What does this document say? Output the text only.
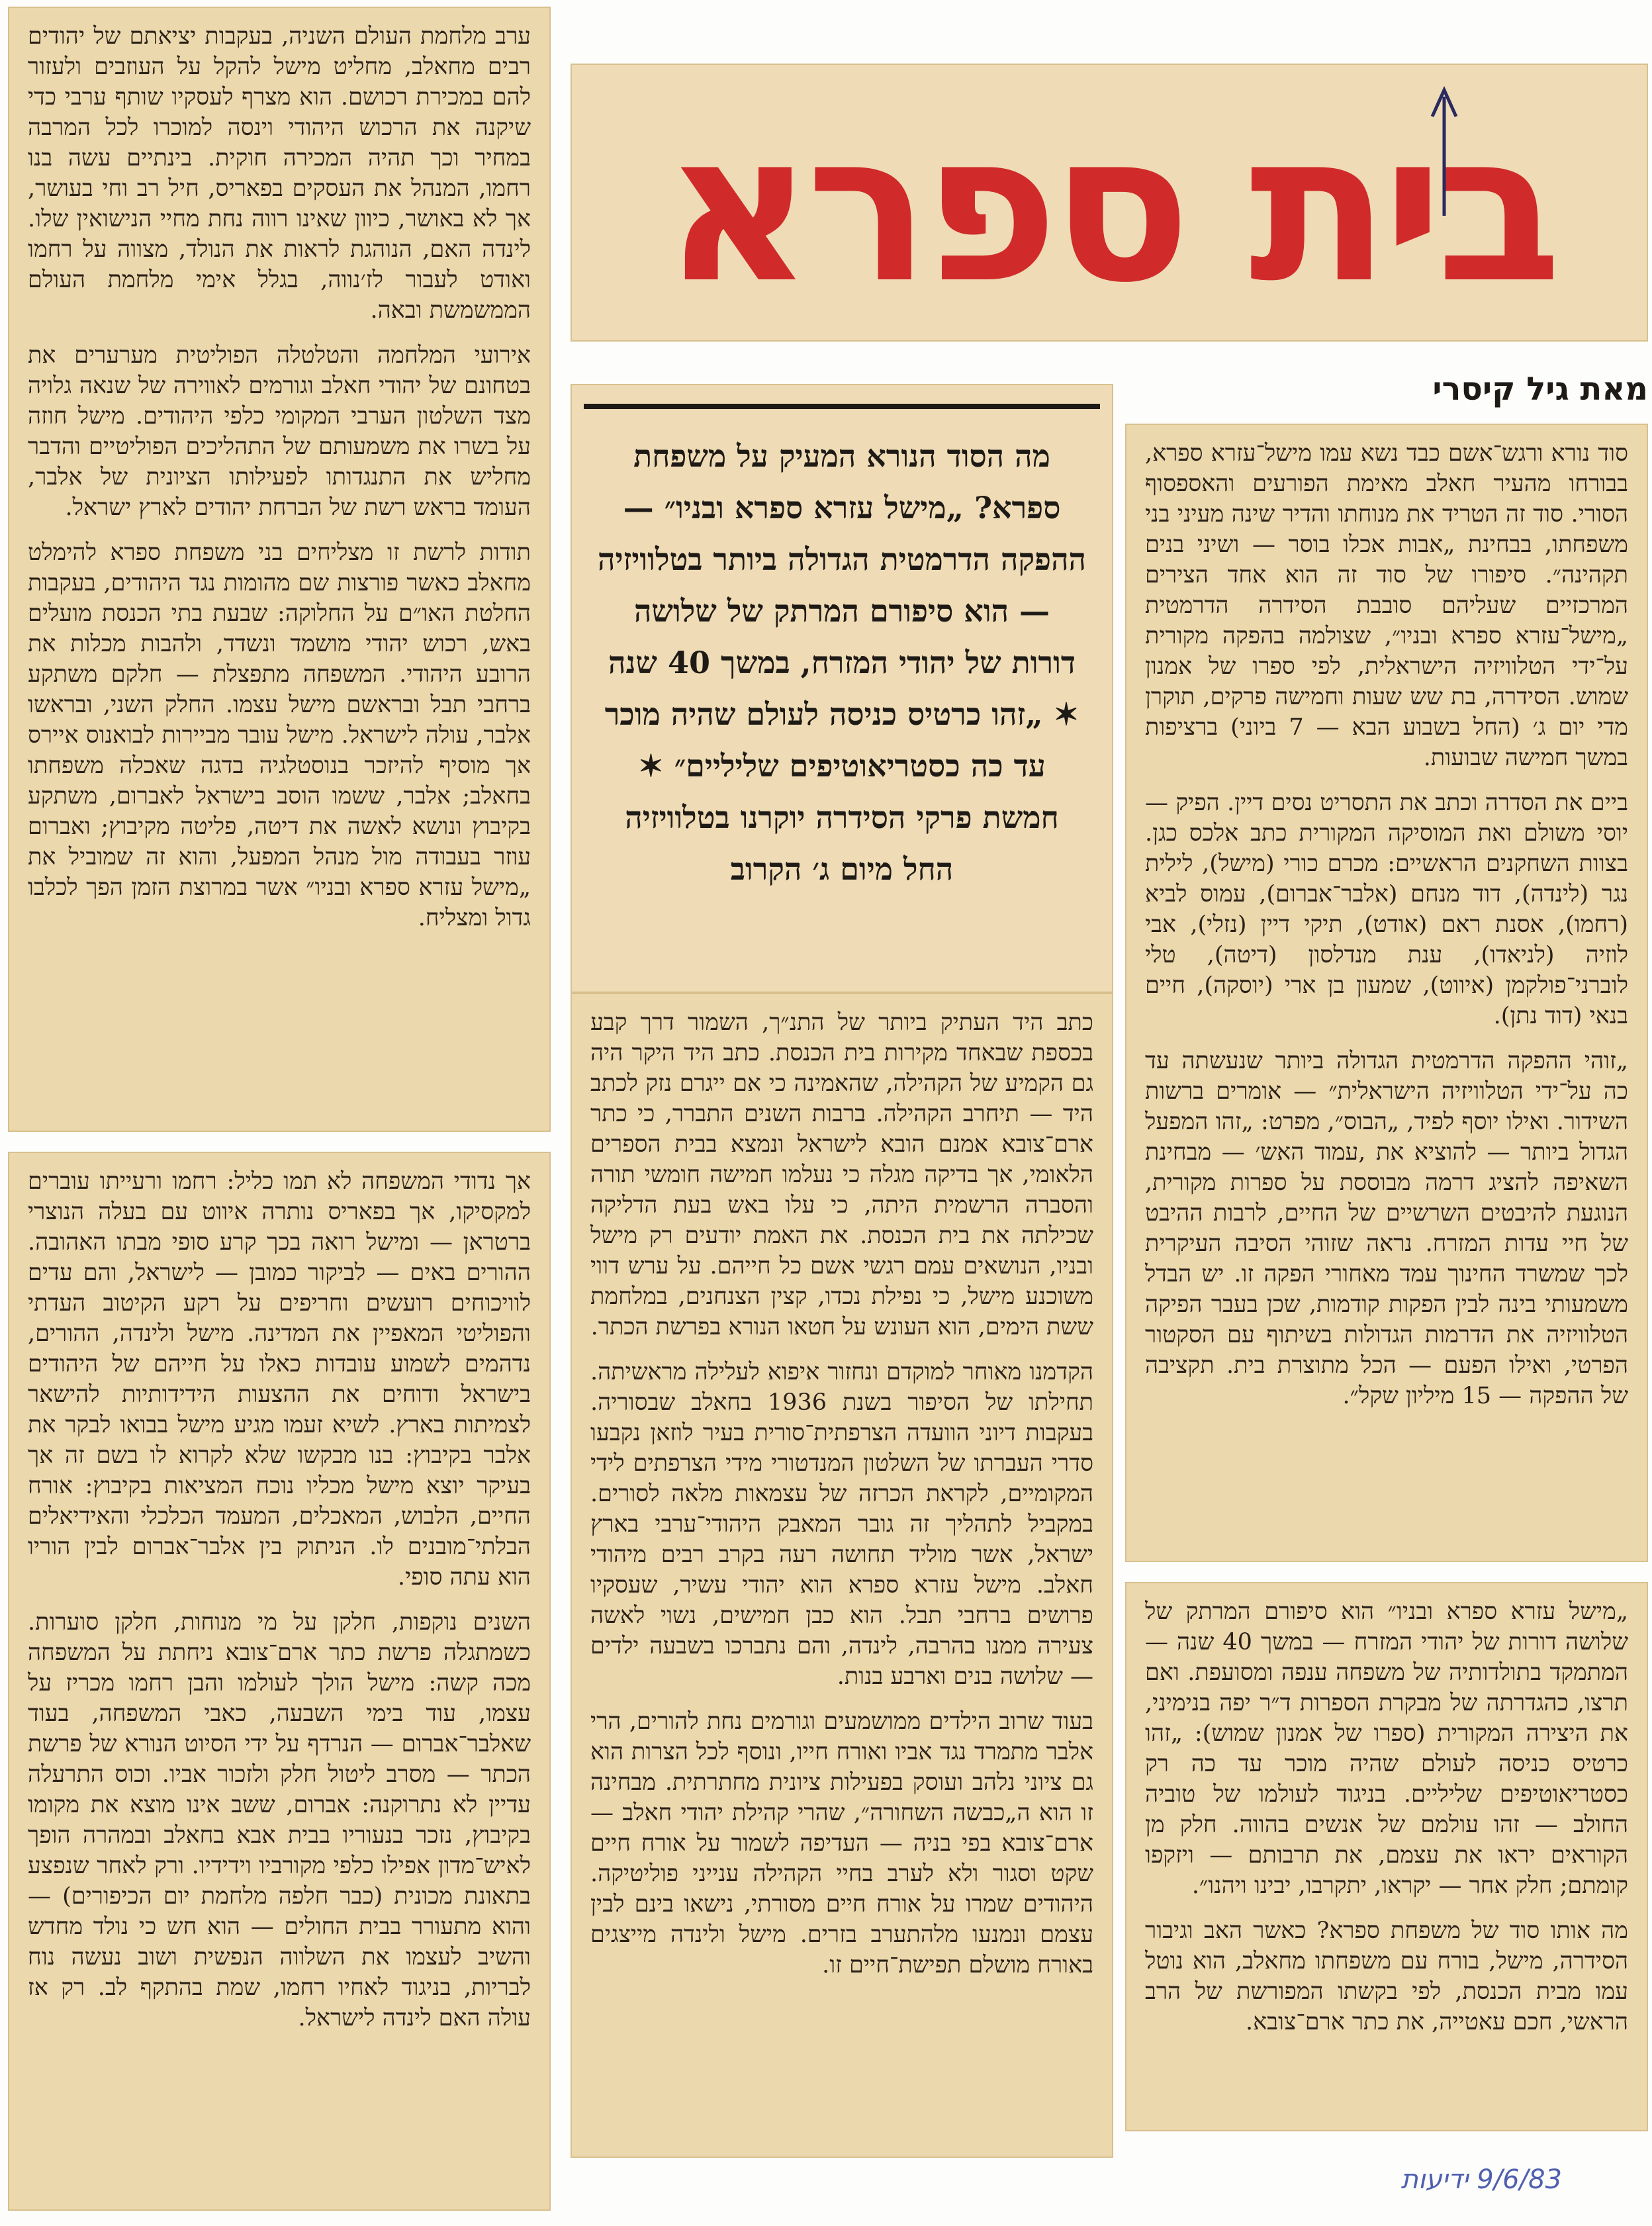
בית ספרא
מאת גיל קיסרי
מה הסוד הנורא המעיק על משפחת ספרא? „מישל עזרא ספרא ובניו״ — ההפקה הדרמטית הגדולה ביותר בטלוויזיה — הוא סיפורם המרתק של שלושה דורות של יהודי המזרח, במשך 40 שנה ✶ „זהו כרטיס כניסה לעולם שהיה מוכר עד כה כסטריאוטיפים שליליים״ ✶ חמשת פרקי הסידרה יוקרנו בטלוויזיה החל מיום ג׳ הקרוב

ערב מלחמת העולם השניה, בעקבות יציאתם של יהודים רבים מחאלב, מחליט מישל להקל על העוזבים ולעזור להם במכירת רכושם. הוא מצרף לעסקיו שותף ערבי כדי שיקנה את הרכוש היהודי וינסה למוכרו לכל המרבה במחיר וכך תהיה המכירה חוקית. בינתיים עשה בנו רחמו, המנהל את העסקים בפאריס, חיל רב וחי בעושר, אך לא באושר, כיוון שאינו רווה נחת מחיי הנישואין שלו. לינדה האם, הנוהגת לראות את הנולד, מצווה על רחמו ואודט לעבור לז׳נווה, בגלל אימי מלחמת העולם הממשמשת ובאה.

אירועי המלחמה והטלטלה הפוליטית מערערים את בטחונם של יהודי חאלב וגורמים לאווירה של שנאה גלויה מצד השלטון הערבי המקומי כלפי היהודים. מישל חוזה על בשרו את משמעותם של התהליכים הפוליטיים והדבר מחליש את התנגדותו לפעילותו הציונית של אלבר, העומד בראש רשת של הברחת יהודים לארץ ישראל.

תודות לרשת זו מצליחים בני משפחת ספרא להימלט מחאלב כאשר פורצות שם מהומות נגד היהודים, בעקבות החלטת האו״ם על החלוקה: שבעת בתי הכנסת מועלים באש, רכוש יהודי מושמד ונשדד, ולהבות מכלות את הרובע היהודי. המשפחה מתפצלת — חלקם משתקע ברחבי תבל ובראשם מישל עצמו. החלק השני, ובראשו אלבר, עולה לישראל. מישל עובר מביירות לבואנוס איירס אך מוסיף להיזכר בנוסטלגיה בדגה שאכלה משפחתו בחאלב; אלבר, ששמו הוסב בישראל לאברום, משתקע בקיבוץ ונושא לאשה את דיטה, פליטה מקיבוץ; ואברום עוזר בעבודה מול מנהל המפעל, והוא זה שמוביל את „מישל עזרא ספרא ובניו״ אשר במרוצת הזמן הפך לכלבו גדול ומצליח.

אך נדודי המשפחה לא תמו כליל: רחמו ורעייתו עוברים למקסיקו, אך בפאריס נותרה איווט עם בעלה הנוצרי ברטראן — ומישל רואה בכך קרע סופי מבתו האהובה. ההורים באים — לביקור כמובן — לישראל, והם עדים לוויכוחים רועשים וחריפים על רקע הקיטוב העדתי והפוליטי המאפיין את המדינה. מישל ולינדה, ההורים, נדהמים לשמוע עובדות כאלו על חייהם של היהודים בישראל ודוחים את ההצעות הידידותיות להישאר לצמיתות בארץ. לשיא זעמו מגיע מישל בבואו לבקר את אלבר בקיבוץ: בנו מבקשו שלא לקרוא לו בשם זה אך בעיקר יוצא מישל מכליו נוכח המציאות בקיבוץ: אורח החיים, הלבוש, המאכלים, המעמד הכלכלי והאידיאלים הבלתי־מובנים לו. הניתוק בין אלבר־אברום לבין הוריו הוא עתה סופי.

השנים נוקפות, חלקן על מי מנוחות, חלקן סוערות. כשמתגלה פרשת כתר ארם־צובא ניחתת על המשפחה מכה קשה: מישל הולך לעולמו והבן רחמו מכריז על עצמו, עוד בימי השבעה, כאבי המשפחה, בעוד שאלבר־אברום — הנרדף על ידי הסיוט הנורא של פרשת הכתר — מסרב ליטול חלק ולזכור אביו. וכוס התרעלה עדיין לא נתרוקנה: אברום, ששב אינו מוצא את מקומו בקיבוץ, נזכר בנעוריו בבית אבא בחאלב ובמהרה הופך לאיש־מדון אפילו כלפי מקורביו וידידיו. ורק לאחר שנפצע בתאונת מכונית (כבר חלפה מלחמת יום הכיפורים) — והוא מתעורר בבית החולים — הוא חש כי נולד מחדש והשיב לעצמו את השלווה הנפשית ושוב נעשה נוח לבריות, בניגוד לאחיו רחמו, שמת בהתקף לב. רק אז עולה האם לינדה לישראל.

כתב היד העתיק ביותר של התנ״ך, השמור דרך קבע בכספת שבאחד מקירות בית הכנסת. כתב היד היקר היה גם הקמיע של הקהילה, שהאמינה כי אם ייגרם נזק לכתב היד — תיחרב הקהילה. ברבות השנים התברר, כי כתר ארם־צובא אמנם הובא לישראל ונמצא בבית הספרים הלאומי, אך בדיקה מגלה כי נעלמו חמישה חומשי תורה והסברה הרשמית היתה, כי עלו באש בעת הדליקה שכילתה את בית הכנסת. את האמת יודעים רק מישל ובניו, הנושאים עמם רגשי אשם כל חייהם. על ערש דווי משוכנע מישל, כי נפילת נכדו, קצין הצנחנים, במלחמת ששת הימים, הוא העונש על חטאו הנורא בפרשת הכתר.

הקדמנו מאוחר למוקדם ונחזור איפוא לעלילה מראשיתה. תחילתו של הסיפור בשנת 1936 בחאלב שבסוריה. בעקבות דיוני הוועדה הצרפתית־סורית בעיר לוזאן נקבעו סדרי העברתו של השלטון המנדטורי מידי הצרפתים לידי המקומיים, לקראת הכרזה של עצמאות מלאה לסורים. במקביל לתהליך זה גובר המאבק היהודי־ערבי בארץ ישראל, אשר מוליד תחושה רעה בקרב רבים מיהודי חאלב. מישל עזרא ספרא הוא יהודי עשיר, שעסקיו פרושים ברחבי תבל. הוא כבן חמישים, נשוי לאשה צעירה ממנו בהרבה, לינדה, והם נתברכו בשבעה ילדים — שלושה בנים וארבע בנות.

בעוד שרוב הילדים ממושמעים וגורמים נחת להורים, הרי אלבר מתמרד נגד אביו ואורח חייו, ונוסף לכל הצרות הוא גם ציוני נלהב ועוסק בפעילות ציונית מחתרתית. מבחינה זו הוא ה„כבשה השחורה״, שהרי קהילת יהודי חאלב — ארם־צובא בפי בניה — העדיפה לשמור על אורח חיים שקט וסגור ולא לערב בחיי הקהילה ענייני פוליטיקה. היהודים שמרו על אורח חיים מסורתי, נישאו בינם לבין עצמם ונמנעו מלהתערב בזרים. מישל ולינדה מייצגים באורח מושלם תפישת־חיים זו.

סוד נורא ורגש־אשם כבד נשא עמו מישל־עזרא ספרא, בבורחו מהעיר חאלב מאימת הפורעים והאספסוף הסורי. סוד זה הטריד את מנוחתו והדיר שינה מעיני בני משפחתו, בבחינת „אבות אכלו בוסר — ושיני בנים תקהינה״. סיפורו של סוד זה הוא אחד הצירים המרכזיים שעליהם סובבת הסידרה הדרמטית „מישל־עזרא ספרא ובניו״, שצולמה בהפקה מקורית על־ידי הטלוויזיה הישראלית, לפי ספרו של אמנון שמוש. הסידרה, בת שש שעות וחמישה פרקים, תוקרן מדי יום ג׳ (החל בשבוע הבא — 7 ביוני) ברציפות במשך חמישה שבועות.

ביים את הסדרה וכתב את התסריט נסים דיין. הפיק — יוסי משולם ואת המוסיקה המקורית כתב אלכס כגן. בצוות השחקנים הראשיים: מכרם כורי (מישל), לילית נגר (לינדה), דוד מנחם (אלבר־אברום), עמוס לביא (רחמו), אסנת ראם (אודט), תיקי דיין (נזלי), אבי לוזיה (לניאדו), ענת מנדלסון (דיטה), טלי לוברני־פולקמן (איווט), שמעון בן ארי (יוסקה), חיים בנאי (דוד נתן).

„זוהי ההפקה הדרמטית הגדולה ביותר שנעשתה עד כה על־ידי הטלוויזיה הישראלית״ — אומרים ברשות השידור. ואילו יוסף לפיד, „הבוס״, מפרט: „זהו המפעל הגדול ביותר — להוציא את ,עמוד האש׳ — מבחינת השאיפה להציג דרמה מבוססת על ספרות מקורית, הנוגעת להיבטים השרשיים של החיים, לרבות ההיבט של חיי עדות המזרח. נראה שזוהי הסיבה העיקרית לכך שמשרד החינוך עמד מאחורי הפקה זו. יש הבדל משמעותי בינה לבין הפקות קודמות, שכן בעבר הפיקה הטלוויזיה את הדרמות הגדולות בשיתוף עם הסקטור הפרטי, ואילו הפעם — הכל מתוצרת בית. תקציבה של ההפקה — 15 מיליון שקל״.

„מישל עזרא ספרא ובניו״ הוא סיפורם המרתק של שלושה דורות של יהודי המזרח — במשך 40 שנה — המתמקד בתולדותיה של משפחה ענפה ומסועפת. ואם תרצו, כהגדרתה של מבקרת הספרות ד״ר יפה בנימיני, את היצירה המקורית (ספרו של אמנון שמוש): „זהו כרטיס כניסה לעולם שהיה מוכר עד כה רק כסטריאוטיפים שליליים. בניגוד לעולמו של טוביה החולב — זהו עולמם של אנשים בהווה. חלק מן הקוראים יראו את עצמם, את תרבותם — ויזקפו קומתם; חלק אחר — יקראו, יתקרבו, יבינו ויהנו״.

מה אותו סוד של משפחת ספרא? כאשר האב וגיבור הסידרה, מישל, בורח עם משפחתו מחאלב, הוא נוטל עמו מבית הכנסת, לפי בקשתו המפורשת של הרב הראשי, חכם עאטייה, את כתר ארם־צובא.

9/6/83 ידיעות
